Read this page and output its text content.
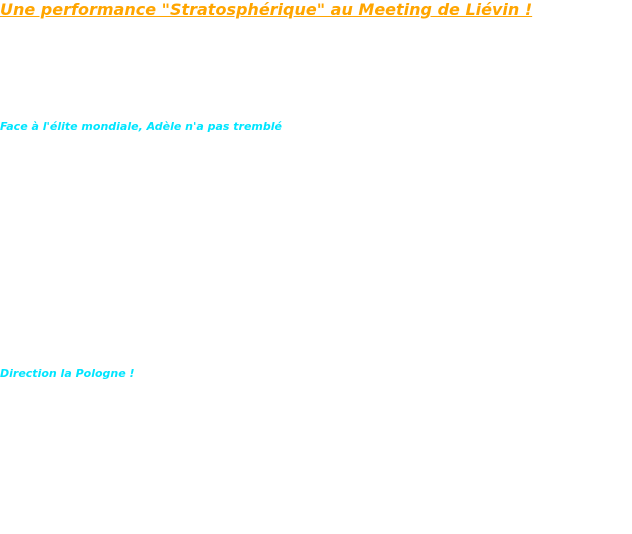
Une performance "Stratosphérique" au Meeting de Liévin !
Face à l'élite mondiale, Adèle n'a pas tremblé
Direction la Pologne !
